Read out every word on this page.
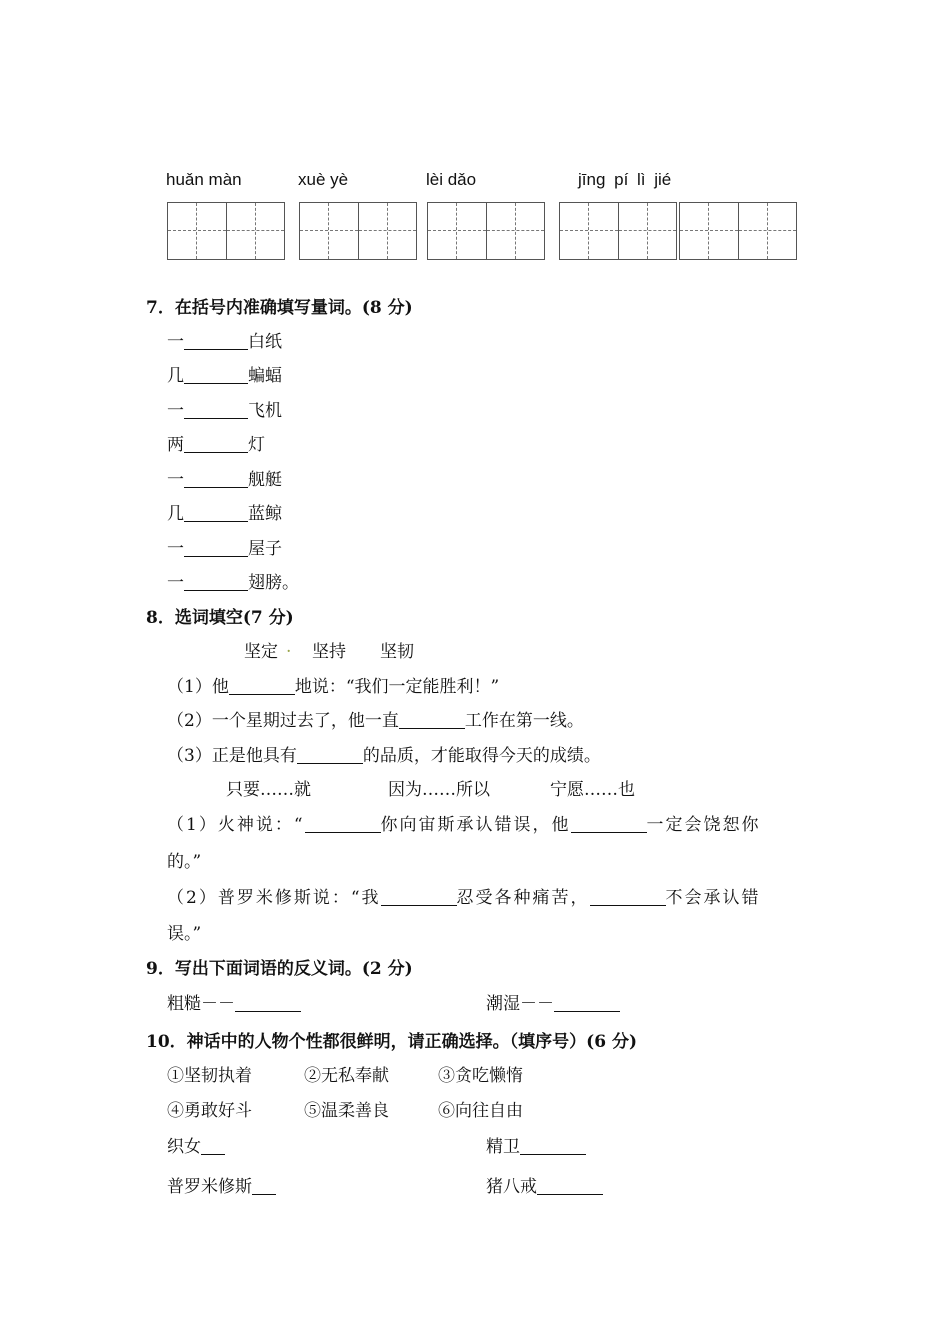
huǎn màn	xuè yè	lèi dǎo	jīng pí lì jié
7．在括号内准确填写量词。(8 分)
一	白纸
几	蝙蝠
一	飞机
两	灯
一	舰艇
几	蓝鲸
一	屋子
一	翅膀。
8．选词填空(7 分)
坚定 . 坚持 坚韧
（1）他	地说：“我们一定能胜利！”
（2）一个星期过去了，他一直	工作在第一线。
（3）正是他具有	的品质，才能取得今天的成绩。
只要……就	因为……所以	宁愿……也
（1）火神说：“	你向宙斯承认错误，他	一定会饶恕你
的。”
（2）普罗米修斯说：“我	忍受各种痛苦，	不会承认错
误。”
9．写出下面词语的反义词。(2 分)
粗糙－－	潮湿－－
10．神话中的人物个性都很鲜明，请正确选择。（填序号）(6 分)
①坚韧执着	②无私奉献	③贪吃懒惰
④勇敢好斗	⑤温柔善良	⑥向往自由
织女	精卫
普罗米修斯	猪八戒
